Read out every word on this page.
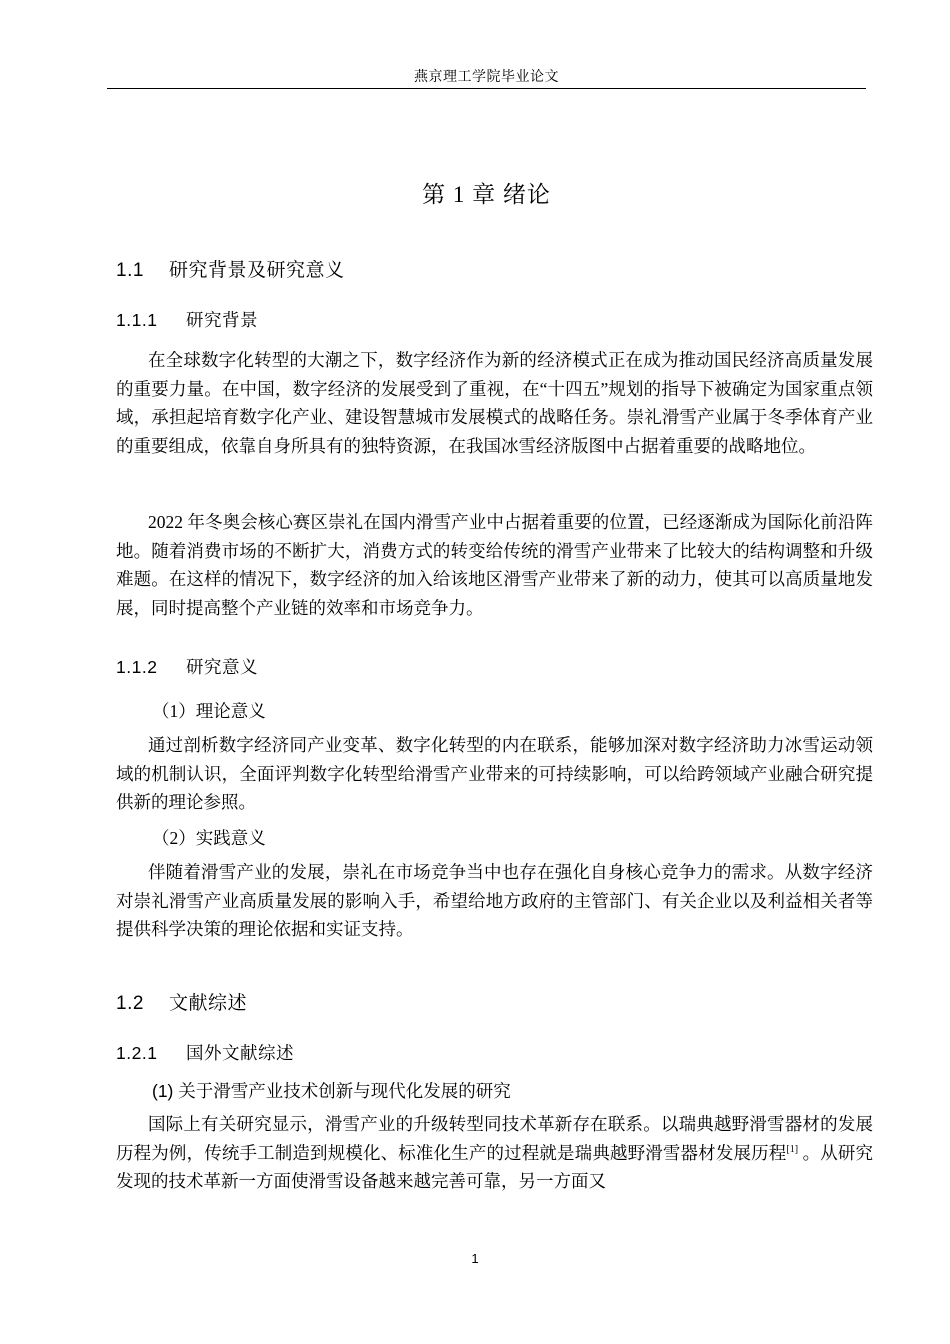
燕京理工学院毕业论文
第 1 章 绪论
1.1 研究背景及研究意义
1.1.1 研究背景

在全球数字化转型的大潮之下，数字经济作为新的经济模式正在成为推动国民经济高质量发展的重要力量。在中国，数字经济的发展受到了重视，在“十四五”规划的指导下被确定为国家重点领域，承担起培育数字化产业、建设智慧城市发展模式的战略任务。崇礼滑雪产业属于冬季体育产业的重要组成，依靠自身所具有的独特资源，在我国冰雪经济版图中占据着重要的战略地位。

2022 年冬奥会核心赛区崇礼在国内滑雪产业中占据着重要的位置，已经逐渐成为国际化前沿阵地。随着消费市场的不断扩大，消费方式的转变给传统的滑雪产业带来了比较大的结构调整和升级难题。在这样的情况下，数字经济的加入给该地区滑雪产业带来了新的动力，使其可以高质量地发展，同时提高整个产业链的效率和市场竞争力。

1.1.2 研究意义
（1）理论意义

通过剖析数字经济同产业变革、数字化转型的内在联系，能够加深对数字经济助力冰雪运动领域的机制认识，全面评判数字化转型给滑雪产业带来的可持续影响，可以给跨领域产业融合研究提供新的理论参照。

（2）实践意义

伴随着滑雪产业的发展，崇礼在市场竞争当中也存在强化自身核心竞争力的需求。从数字经济对崇礼滑雪产业高质量发展的影响入手，希望给地方政府的主管部门、有关企业以及利益相关者等提供科学决策的理论依据和实证支持。

1.2 文献综述
1.2.1 国外文献综述
(1) 关于滑雪产业技术创新与现代化发展的研究

国际上有关研究显示，滑雪产业的升级转型同技术革新存在联系。以瑞典越野滑雪器材的发展历程为例，传统手工制造到规模化、标准化生产的过程就是瑞典越野滑雪器材发展历程[1] 。从研究发现的技术革新一方面使滑雪设备越来越完善可靠，另一方面又

1
